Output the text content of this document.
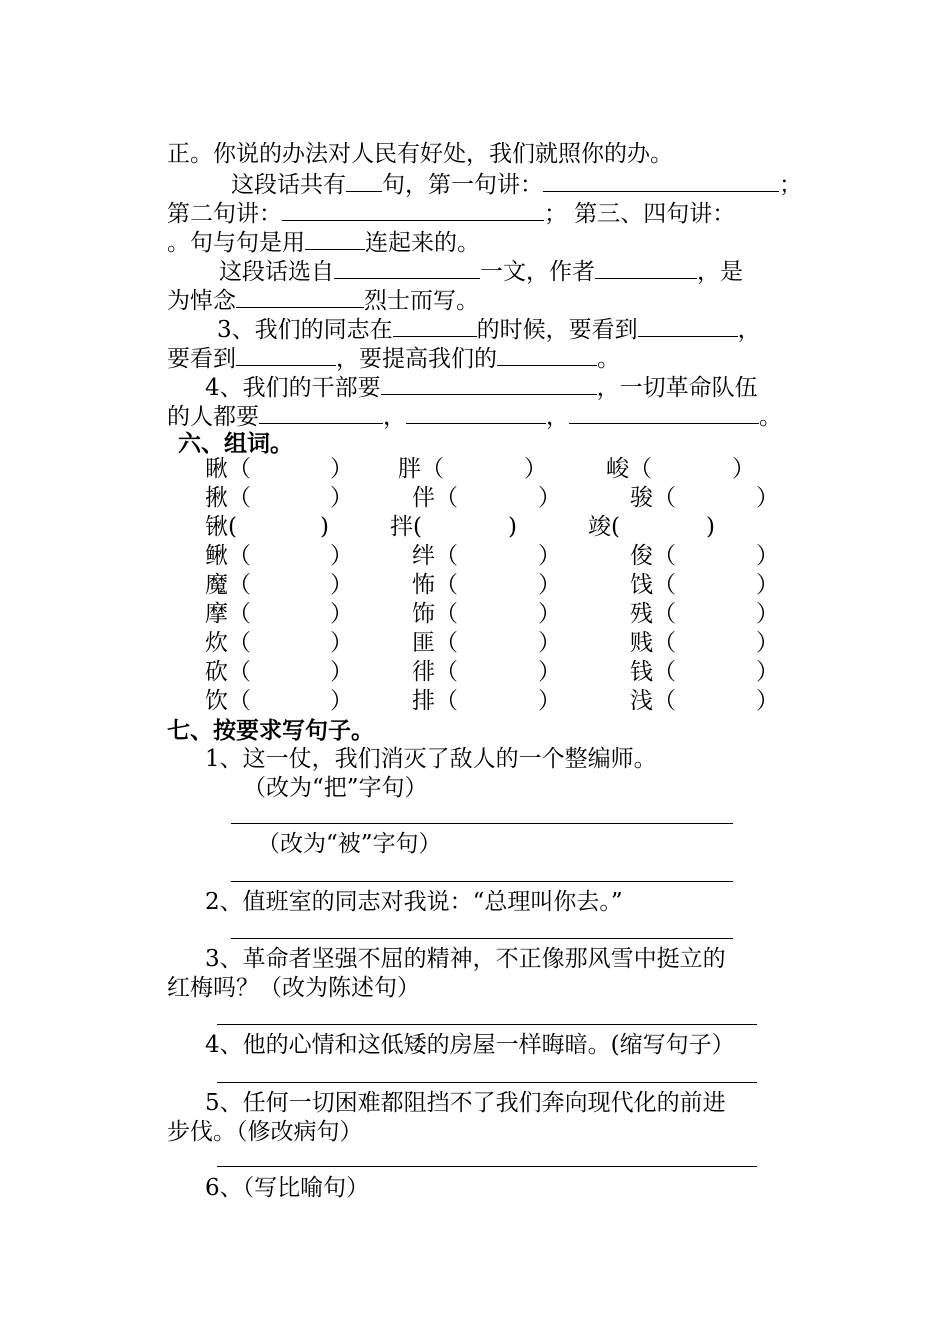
正。你说的办法对人民有好处，我们就照你的办。
这段话共有 句，第一句讲：	；
第二句讲：	； 第三、四句讲：
。句与句是用	连起来的。
这段话选自	一文，作者	，是
为悼念	烈士而写。
3、我们的同志在	的时候，要看到	，
要看到	，要提高我们的	。
4、我们的干部要	，一切革命队伍
的人都要	，	，	。
六、组词。
瞅（	） 胖（	）	峻（	）
揪（	）	伴（	）	骏（	）
锹(	)	拌(	)	竣(	)
鳅（	）	绊（	）	俊（	）
魔（	）	怖（	）	饯（	）
摩（	）	饰（	）	残（	）
炊（	）	匪（	）	贱（	）
砍（	）	徘（	）	钱（	）
饮（	）	排（	）	浅（	）
七、按要求写句子。
1、这一仗，我们消灭了敌人的一个整编师。
（改为“把”字句）
（改为“被”字句）
2、值班室的同志对我说：“总理叫你去。”
3、革命者坚强不屈的精神，不正像那风雪中挺立的
红梅吗？（改为陈述句）
4、他的心情和这低矮的房屋一样晦暗。(缩写句子）
5、任何一切困难都阻挡不了我们奔向现代化的前进
步伐。（修改病句）
6、（写比喻句）
